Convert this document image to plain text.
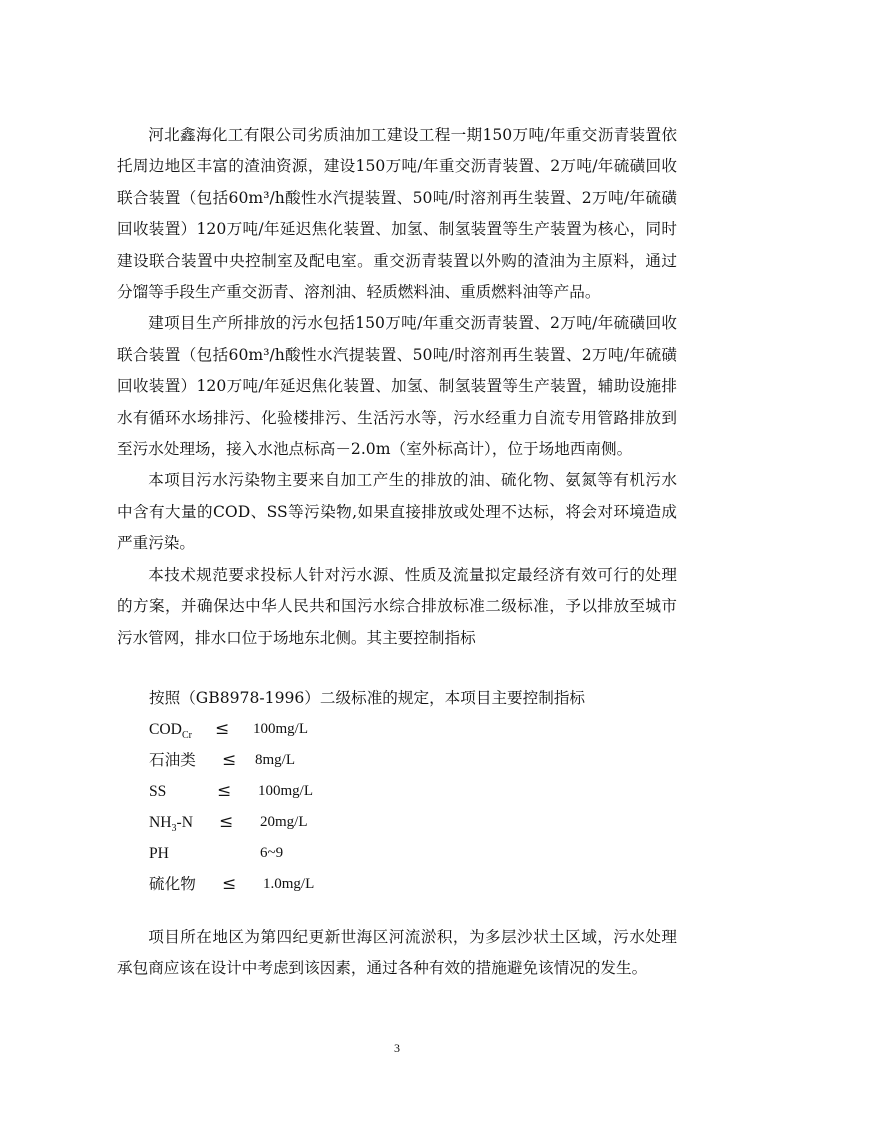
河北鑫海化工有限公司劣质油加工建设工程一期150万吨/年重交沥青装置依托周边地区丰富的渣油资源，建设150万吨/年重交沥青装置、2万吨/年硫磺回收联合装置（包括60m³/h酸性水汽提装置、50吨/时溶剂再生装置、2万吨/年硫磺回收装置）120万吨/年延迟焦化装置、加氢、制氢装置等生产装置为核心，同时建设联合装置中央控制室及配电室。重交沥青装置以外购的渣油为主原料，通过分馏等手段生产重交沥青、溶剂油、轻质燃料油、重质燃料油等产品。

建项目生产所排放的污水包括150万吨/年重交沥青装置、2万吨/年硫磺回收联合装置（包括60m³/h酸性水汽提装置、50吨/时溶剂再生装置、2万吨/年硫磺回收装置）120万吨/年延迟焦化装置、加氢、制氢装置等生产装置，辅助设施排水有循环水场排污、化验楼排污、生活污水等，污水经重力自流专用管路排放到至污水处理场，接入水池点标高－2.0m（室外标高计），位于场地西南侧。

本项目污水污染物主要来自加工产生的排放的油、硫化物、氨氮等有机污水中含有大量的COD、SS等污染物,如果直接排放或处理不达标，将会对环境造成严重污染。

本技术规范要求投标人针对污水源、性质及流量拟定最经济有效可行的处理的方案，并确保达中华人民共和国污水综合排放标准二级标准，予以排放至城市污水管网，排水口位于场地东北侧。其主要控制指标

按照（GB8978-1996）二级标准的规定，本项目主要控制指标
$COD_{Cr} \le 100mg/L$
石油类 ≤ 8mg/L
SS	≤ 100mg/L
$NH_3-N \le 20mg/L$
PH	6~9
硫化物 ≤ 1.0mg/L

项目所在地区为第四纪更新世海区河流淤积，为多层沙状土区域，污水处理承包商应该在设计中考虑到该因素，通过各种有效的措施避免该情况的发生。

3
